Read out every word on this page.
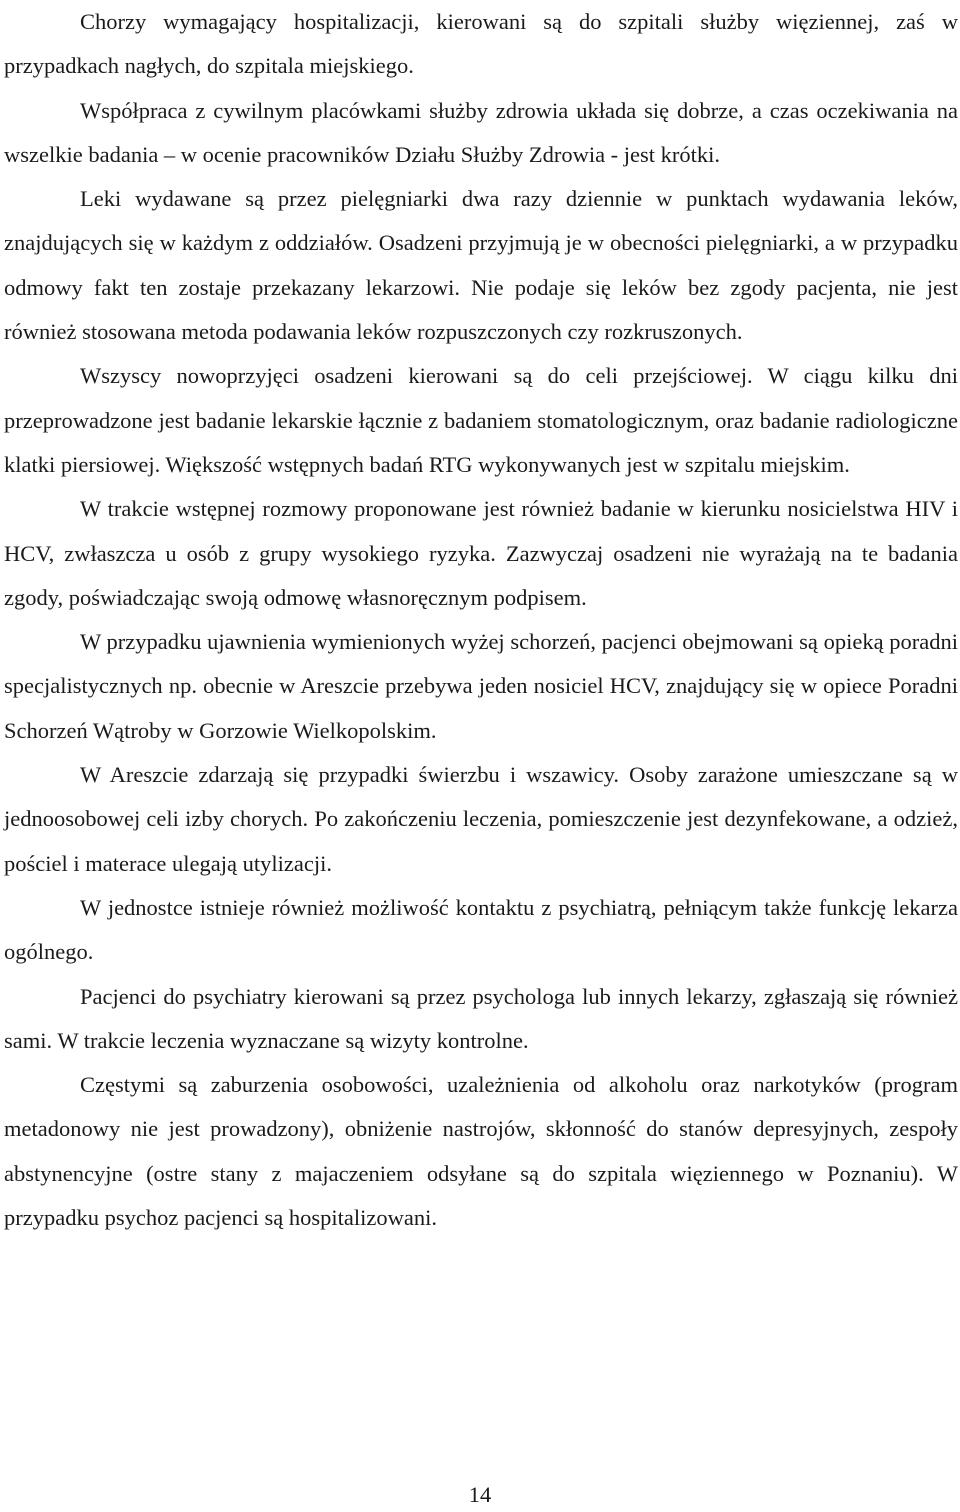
Chorzy wymagający hospitalizacji, kierowani są do szpitali służby więziennej, zaś w przypadkach nagłych, do szpitala miejskiego.

Współpraca z cywilnym placówkami służby zdrowia układa się dobrze, a czas oczekiwania na wszelkie badania – w ocenie pracowników Działu Służby Zdrowia - jest krótki.

Leki wydawane są przez pielęgniarki dwa razy dziennie w punktach wydawania leków, znajdujących się w każdym z oddziałów. Osadzeni przyjmują je w obecności pielęgniarki, a w przypadku odmowy fakt ten zostaje przekazany lekarzowi. Nie podaje się leków bez zgody pacjenta, nie jest również stosowana metoda podawania leków rozpuszczonych czy rozkruszonych.

Wszyscy nowoprzyjęci osadzeni kierowani są do celi przejściowej. W ciągu kilku dni przeprowadzone jest badanie lekarskie łącznie z badaniem stomatologicznym, oraz badanie radiologiczne klatki piersiowej. Większość wstępnych badań RTG wykonywanych jest w szpitalu miejskim.

W trakcie wstępnej rozmowy proponowane jest również badanie w kierunku nosicielstwa HIV i HCV, zwłaszcza u osób z grupy wysokiego ryzyka. Zazwyczaj osadzeni nie wyrażają na te badania zgody, poświadczając swoją odmowę własnoręcznym podpisem.

W przypadku ujawnienia wymienionych wyżej schorzeń, pacjenci obejmowani są opieką poradni specjalistycznych np. obecnie w Areszcie przebywa jeden nosiciel HCV, znajdujący się w opiece Poradni Schorzeń Wątroby w Gorzowie Wielkopolskim.

W Areszcie zdarzają się przypadki świerzbu i wszawicy. Osoby zarażone umieszczane są w jednoosobowej celi izby chorych. Po zakończeniu leczenia, pomieszczenie jest dezynfekowane, a odzież, pościel i materace ulegają utylizacji.

W jednostce istnieje również możliwość kontaktu z psychiatrą, pełniącym także funkcję lekarza ogólnego.

Pacjenci do psychiatry kierowani są przez psychologa lub innych lekarzy, zgłaszają się również sami. W trakcie leczenia wyznaczane są wizyty kontrolne.

Częstymi są zaburzenia osobowości, uzależnienia od alkoholu oraz narkotyków (program metadonowy nie jest prowadzony), obniżenie nastrojów, skłonność do stanów depresyjnych, zespoły abstynencyjne (ostre stany z majaczeniem odsyłane są do szpitala więziennego w Poznaniu). W przypadku psychoz pacjenci są hospitalizowani.

14
